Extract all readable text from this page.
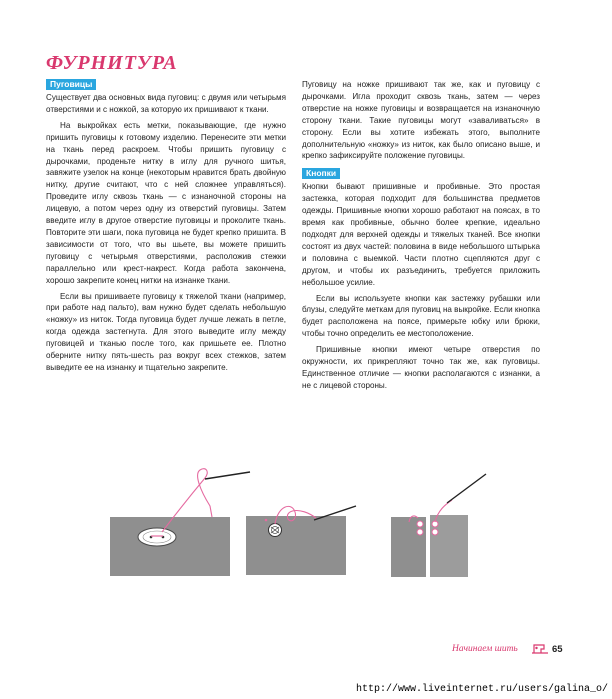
ФУРНИТУРА
Пуговицы

Существует два основных вида пуговиц: с двумя или четырьмя отверстиями и с ножкой, за которую их пришивают к ткани.

На выкройках есть метки, показывающие, где нужно пришить пуговицы к готовому изделию. Перенесите эти метки на ткань перед раскроем. Чтобы пришить пуговицу с дырочками, проденьте нитку в иглу для ручного шитья, завяжите узелок на конце (некоторым нравится брать двойную нитку, другие считают, что с ней сложнее управляться). Проведите иглу сквозь ткань — с изнаночной стороны на лицевую, а потом через одну из отверстий пуговицы. Затем введите иглу в другое отверстие пуговицы и проколите ткань. Повторите эти шаги, пока пуговица не будет крепко пришита. В зависимости от того, что вы шьете, вы можете пришить пуговицу с четырьмя отверстиями, расположив стежки параллельно или крест-накрест. Когда работа закончена, хорошо закрепите конец нитки на изнанке ткани.

Если вы пришиваете пуговицу к тяжелой ткани (например, при работе над пальто), вам нужно будет сделать небольшую «ножку» из ниток. Тогда пуговица будет лучше лежать в петле, когда одежда застегнута. Для этого выведите иглу между пуговицей и тканью после того, как пришьете ее. Плотно оберните нитку пять-шесть раз вокруг всех стежков, затем выведите ее на изнанку и тщательно закрепите.

Пуговицу на ножке пришивают так же, как и пуговицу с дырочками. Игла проходит сквозь ткань, затем — через отверстие на ножке пуговицы и возвращается на изнаночную сторону ткани. Такие пуговицы могут «заваливаться» в сторону. Если вы хотите избежать этого, выполните дополнительную «ножку» из ниток, как было описано выше, и крепко зафиксируйте положение пуговицы.

Кнопки

Кнопки бывают пришивные и пробивные. Это простая застежка, которая подходит для большинства предметов одежды. Пришивные кнопки хорошо работают на поясах, в то время как пробивные, обычно более крепкие, идеально подходят для верхней одежды и тяжелых тканей. Все кнопки состоят из двух частей: половина в виде небольшого штырька и половина с выемкой. Части плотно сцепляются друг с другом, и чтобы их разъединить, требуется приложить небольшое усилие.

Если вы используете кнопки как застежку рубашки или блузы, следуйте меткам для пуговиц на выкройке. Если кнопка будет расположена на поясе, примерьте юбку или брюки, чтобы точно определить ее местоположение.

Пришивные кнопки имеют четыре отверстия по окружности, их прикрепляют точно так же, как пуговицы. Единственное отличие — кнопки располагаются с изнанки, а не с лицевой стороны.

Начинаем шить	65
http://www.liveinternet.ru/users/galina_o/
